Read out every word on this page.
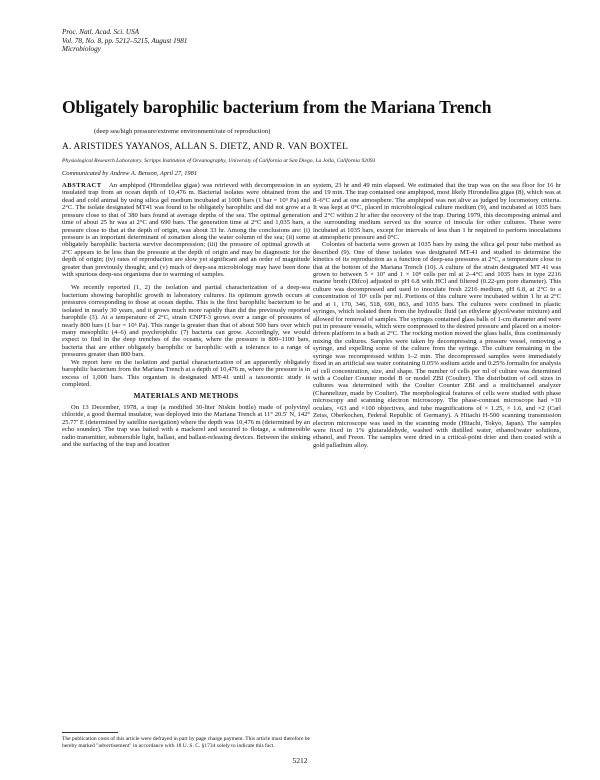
Proc. Natl. Acad. Sci. USA
Vol. 78, No. 8, pp. 5212–5215, August 1981
Microbiology
Obligately barophilic bacterium from the Mariana Trench
(deep sea/high pressure/extreme environment/rate of reproduction)
A. ARISTIDES YAYANOS, ALLAN S. DIETZ, AND R. VAN BOXTEL
Physiological Research Laboratory, Scripps Institution of Oceanography, University of California at San Diego, La Jolla, California 92093
Communicated by Andrew A. Benson, April 27, 1981

ABSTRACT An amphipod (Hirondellea gigas) was retrieved with decompression in an insulated trap from an ocean depth of 10,476 m. Bacterial isolates were obtained from the dead and cold animal by using silica gel medium incubated at 1000 bars (1 bar = 10⁵ Pa) and 2°C. The isolate designated MT41 was found to be obligately barophilic and did not grow at a pressure close to that of 380 bars found at average depths of the sea. The optimal generation time of about 25 hr was at 2°C and 690 bars. The generation time at 2°C and 1,035 bars, a pressure close to that at the depth of origin, was about 33 hr. Among the conclusions are: (i) pressure is an important determinant of zonation along the water column of the sea; (ii) some obligately barophilic bacteria survive decompression; (iii) the pressure of optimal growth at 2°C appears to be less than the pressure at the depth of origin and may be diagnostic for the depth of origin; (iv) rates of reproduction are slow yet significant and an order of magnitude greater than previously thought; and (v) much of deep-sea microbiology may have been done with spurious deep-sea organisms due to warming of samples.

We recently reported (1, 2) the isolation and partial characterization of a deep-sea bacterium showing barophilic growth in laboratory cultures. Its optimum growth occurs at pressures corresponding to those at ocean depths. This is the first barophilic bacterium to be isolated in nearly 30 years, and it grows much more rapidly than did the previously reported barophile (3). At a temperature of 2°C, strain CNPT-3 grows over a range of pressures of nearly 800 bars (1 bar = 10⁵ Pa). This range is greater than that of about 500 bars over which many mesophilic (4–6) and psychrophilic (7) bacteria can grow. Accordingly, we would expect to find in the deep trenches of the oceans, where the pressure is 800–1100 bars, bacteria that are either obligately barophilic or barophilic with a tolerance to a range of pressures greater than 800 bars.

We report here on the isolation and partial characterization of an apparently obligately barophilic bacterium from the Mariana Trench at a depth of 10,476 m, where the pressure is in excess of 1,000 bars. This organism is designated MT-41 until a taxonomic study is completed.

MATERIALS AND METHODS

On 13 December, 1978, a trap (a modified 30-liter Niskin bottle) made of polyvinyl chloride, a good thermal insulator, was deployed into the Mariana Trench at 11° 20.5′ N, 142° 25.77′ E (determined by satellite navigation) where the depth was 10,476 m (determined by an echo sounder). The trap was baited with a mackerel and secured to flotage, a submersible radio transmitter, submersible light, ballast, and ballast-releasing devices. Between the sinking and the surfacing of the trap and location

The publication costs of this article were defrayed in part by page charge payment. This article must therefore be hereby marked "advertisement" in accordance with 18 U. S. C. §1734 solely to indicate this fact.

system, 23 hr and 49 min elapsed. We estimated that the trap was on the sea floor for 16 hr and 19 min. The trap contained one amphipod, most likely Hirondellea gigas (8), which was at 8–6°C and at one atmosphere. The amphipod was not alive as judged by locomotory criteria. It was kept at 0°C, placed in microbiological culture medium (9), and incubated at 1035 bars and 2°C within 2 hr after the recovery of the trap. During 1979, this decomposing animal and the surrounding medium served us the source of inocula for other cultures. These were incubated at 1035 bars, except for intervals of less than 1 hr required to perform inoculations at atmospheric pressure and 0°C.

Colonies of bacteria were grown at 1035 bars by using the silica gel pour tube method as described (9). One of these isolates was designated MT-41 and studied to determine the kinetics of its reproduction as a function of deep-sea pressures at 2°C, a temperature close to that at the bottom of the Mariana Trench (10). A culture of the strain designated MT 41 was grown to between 5 × 10⁷ and 1 × 10⁸ cells per ml at 2–4°C and 1035 bars in type 2216 marine broth (Difco) adjusted to pH 6.8 with HCl and filtered (0.22-μm pore diameter). This culture was decompressed and used to inoculate fresh 2216 medium, pH 6.8, at 2°C to a concentration of 10⁶ cells per ml. Portions of this culture were incubated within 1 hr at 2°C and at 1, 170, 346, 518, 690, 863, and 1035 bars. The cultures were confined in plastic syringes, which isolated them from the hydraulic fluid (an ethylene glycol/water mixture) and allowed for removal of samples. The syringes contained glass balls of 1-cm diameter and were put in pressure vessels, which were compressed to the desired pressure and placed on a motor-driven platform in a bath at 2°C. The rocking motion moved the glass balls, thus continuously mixing the cultures. Samples were taken by decompressing a pressure vessel, removing a syringe, and expelling some of the culture from the syringe. The culture remaining in the syringe was recompressed within 1–2 min. The decompressed samples were immediately fixed in an artificial sea water containing 0.05% sodium azide and 0.25% formalin for analysis of cell concentration, size, and shape. The number of cells per ml of culture was determined with a Coulter Counter model B or model ZBI (Coulter). The distribution of cell sizes in cultures was determined with the Coulter Counter ZBI and a multichannel analyzer (Channelizer, made by Coulter). The morphological features of cells were studied with phase microscopy and scanning electron microscopy. The phase-contrast microscope had ×10 oculars, ×63 and ×100 objectives, and tube magnifications of × 1.25, × 1.6, and ×2 (Carl Zeiss, Oberkochen, Federal Republic of Germany). A Hitachi H-500 scanning transmission electron microscope was used in the scanning mode (Hitachi, Tokyo, Japan). The samples were fixed in 1% glutaraldehyde, washed with distilled water, ethanol/water solutions, ethanol, and Freon. The samples were dried in a critical-point drier and then coated with a gold palladium alloy.

5212
